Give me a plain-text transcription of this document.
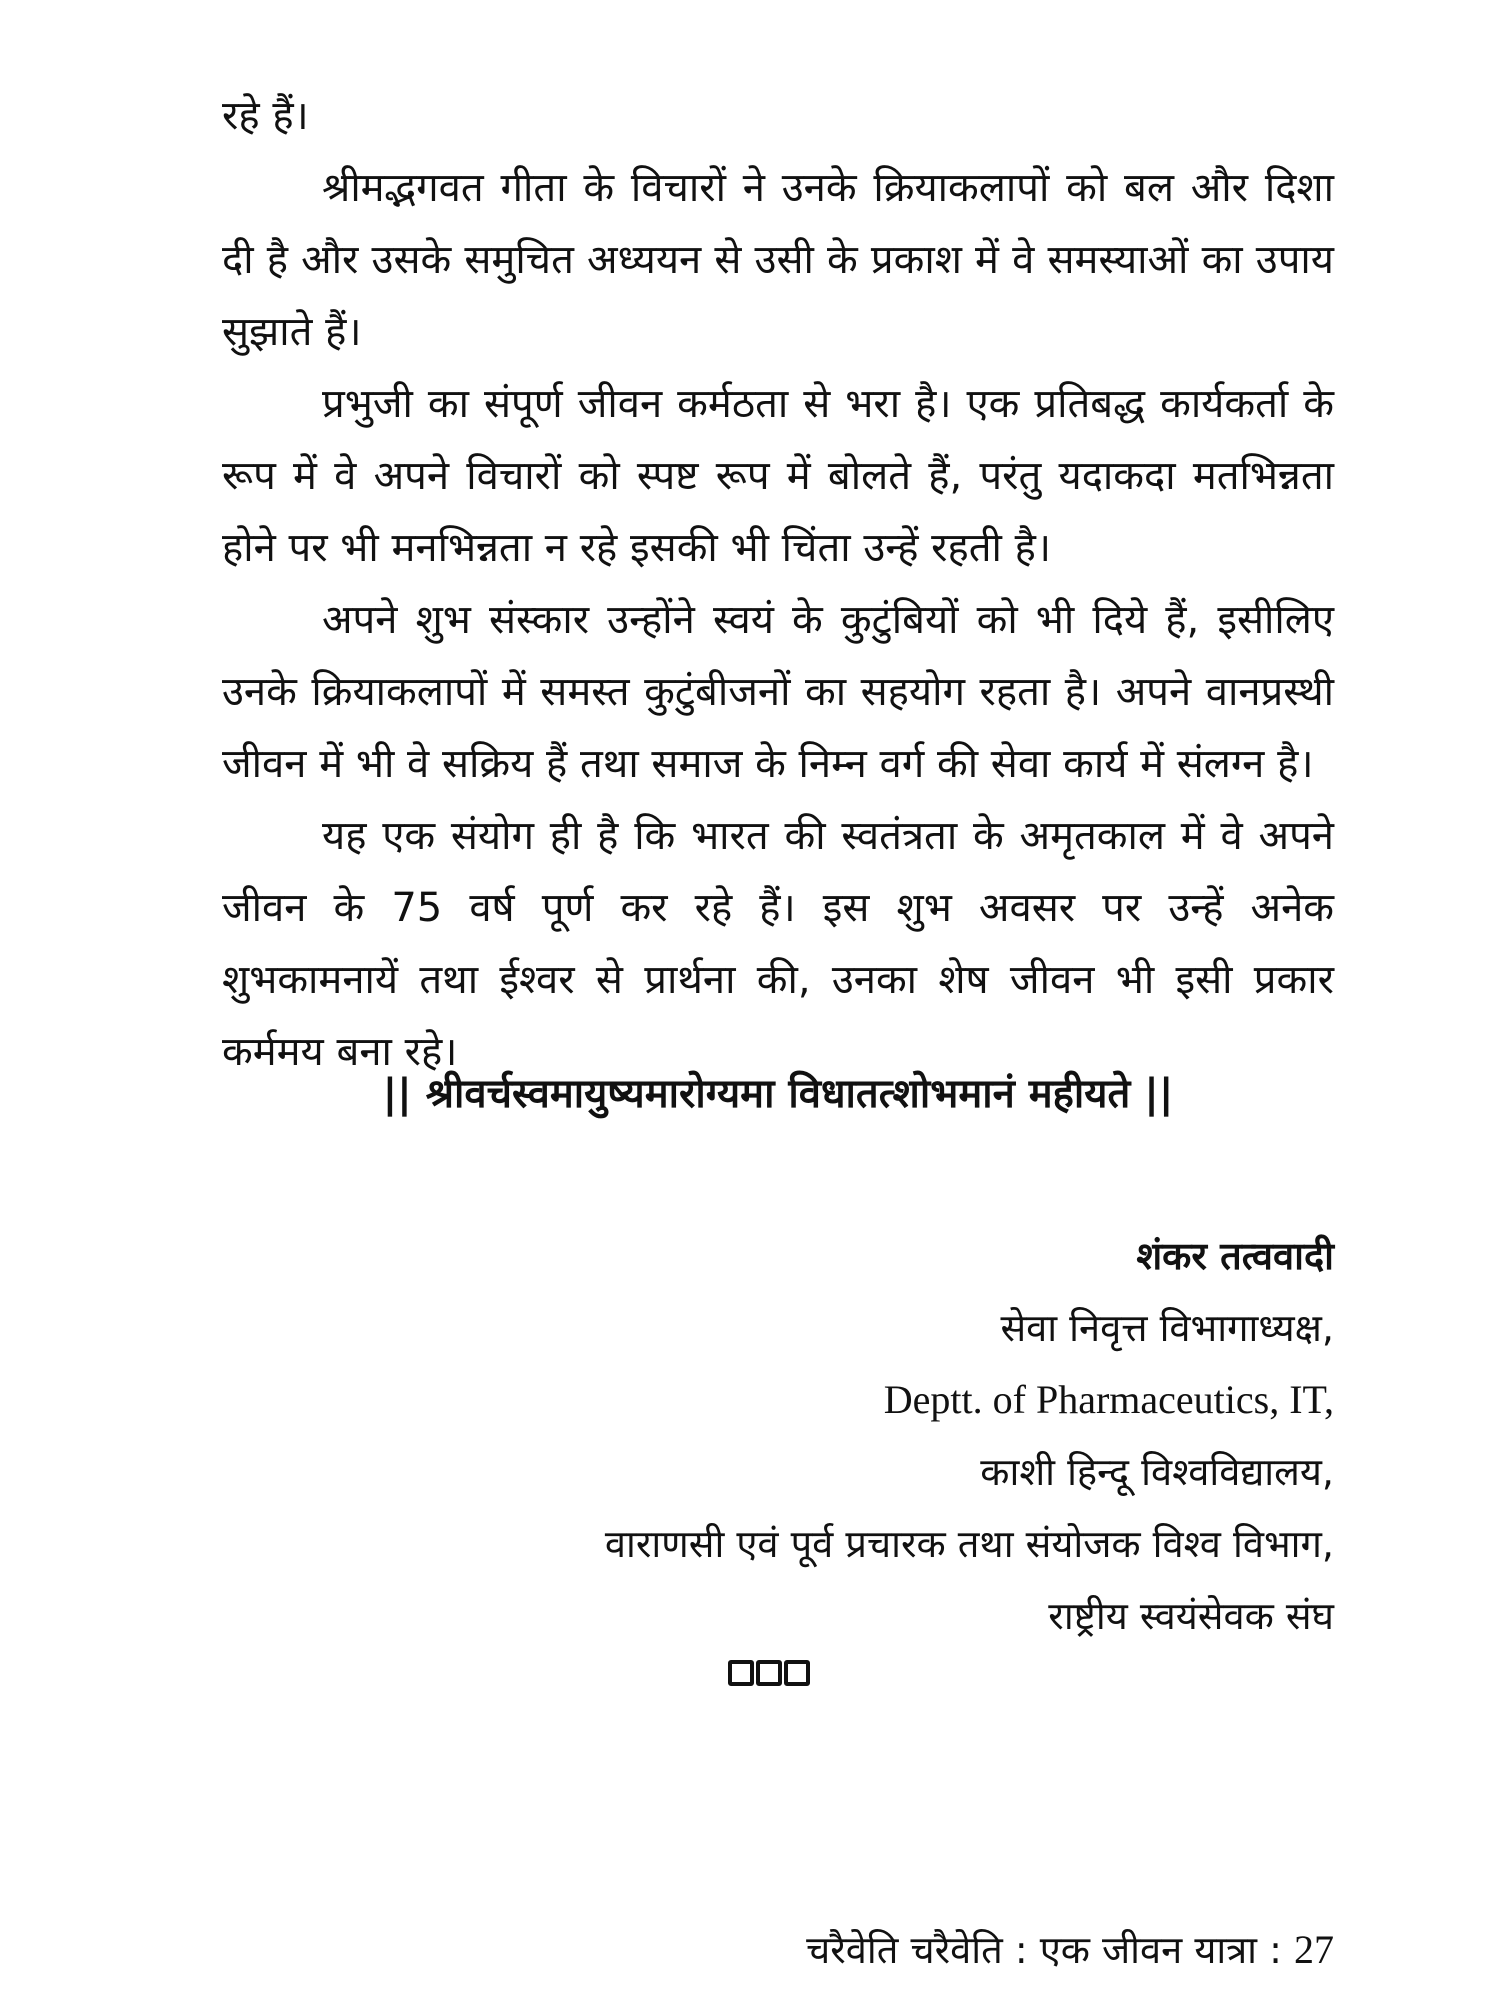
रहे हैं।

श्रीमद्भगवत गीता के विचारों ने उनके क्रियाकलापों को बल और दिशा दी है और उसके समुचित अध्ययन से उसी के प्रकाश में वे समस्याओं का उपाय सुझाते हैं।

प्रभुजी का संपूर्ण जीवन कर्मठता से भरा है। एक प्रतिबद्ध कार्यकर्ता के रूप में वे अपने विचारों को स्पष्ट रूप में बोलते हैं, परंतु यदाकदा मतभिन्नता होने पर भी मनभिन्नता न रहे इसकी भी चिंता उन्हें रहती है।

अपने शुभ संस्कार उन्होंने स्वयं के कुटुंबियों को भी दिये हैं, इसीलिए उनके क्रियाकलापों में समस्त कुटुंबीजनों का सहयोग रहता है। अपने वानप्रस्थी जीवन में भी वे सक्रिय हैं तथा समाज के निम्न वर्ग की सेवा कार्य में संलग्न है।

यह एक संयोग ही है कि भारत की स्वतंत्रता के अमृतकाल में वे अपने जीवन के 75 वर्ष पूर्ण कर रहे हैं। इस शुभ अवसर पर उन्हें अनेक शुभकामनायें तथा ईश्वर से प्रार्थना की, उनका शेष जीवन भी इसी प्रकार कर्ममय बना रहे।

|| श्रीवर्चस्वमायुष्यमारोग्यमा विधातत्शोभमानं महीयते ||

शंकर तत्ववादी
सेवा निवृत्त विभागाध्यक्ष,
Deptt. of Pharmaceutics, IT,
काशी हिन्दू विश्वविद्यालय,
वाराणसी एवं पूर्व प्रचारक तथा संयोजक विश्व विभाग,
राष्ट्रीय स्वयंसेवक संघ
चरैवेति चरैवेति : एक जीवन यात्रा : 27
